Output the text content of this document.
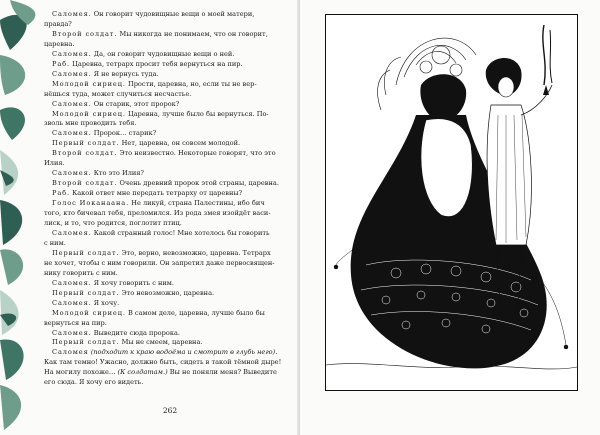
Саломея. Он говорит чудовищные вещи о моей матери,
правда?
Второй солдат. Мы никогда не понимаем, что он говорит,
царевна.
Саломея. Да, он говорит чудовищные вещи о ней.
Раб. Царевна, тетрарх просит тебя вернуться на пир.
Саломея. Я не вернусь туда.
Молодой сириец. Прости, царевна, но, если ты не вер-
нёшься туда, может случиться несчастье.
Саломея. Он старик, этот пророк?
Молодой сириец. Царевна, лучше было бы вернуться. По-
зволь мне проводить тебя.
Саломея. Пророк… старик?
Первый солдат. Нет, царевна, он совсем молодой.
Второй солдат. Это неизвестно. Некоторые говорят, что это
Илия.
Саломея. Кто это Илия?
Второй солдат. Очень древний пророк этой страны, царевна.
Раб. Какой ответ мне передать тетрарху от царевны?
Голос Иоканаана. Не ликуй, страна Палестины, ибо бич
того, кто бичевал тебя, преломился. Из рода змея изойдёт васи-
лиск, и то, что родится, поглотит птиц.
Саломея. Какой странный голос! Мне хотелось бы говорить
с ним.
Первый солдат. Это, верно, невозможно, царевна. Тетрарх
не хочет, чтобы с ним говорили. Он запретил даже первосвящен-
нику говорить с ним.
Саломея. Я хочу говорить с ним.
Первый солдат. Это невозможно, царевна.
Саломея. Я хочу.
Молодой сириец. В самом деле, царевна, лучше было бы
вернуться на пир.
Саломея. Выведите сюда пророка.
Первый солдат. Мы не смеем, царевна.
Саломея (подходит к краю водоёма и смотрит в глубь него).
Как там темно! Ужасно, должно быть, сидеть в такой тёмной дыре!
На могилу похоже… (К солдатам.) Вы не поняли меня? Выведите
его сюда. Я хочу его видеть.
262
